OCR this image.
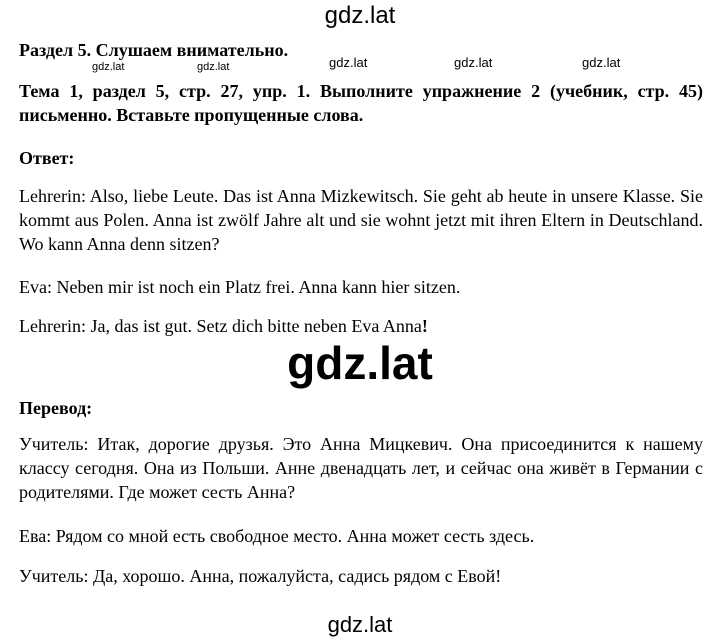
gdz.lat
gdz.lat	gdz.lat	gdz.lat	gdz.lat	gdz.lat
Раздел 5. Слушаем внимательно.
Тема 1, раздел 5, стр. 27, упр. 1. Выполните упражнение 2 (учебник, стр. 45) письменно. Вставьте пропущенные слова.
Ответ:
Lehrerin: Also, liebe Leute. Das ist Anna Mizkewitsch. Sie geht ab heute in unsere Klasse. Sie kommt aus Polen. Anna ist zwölf Jahre alt und sie wohnt jetzt mit ihren Eltern in Deutschland. Wo kann Anna denn sitzen?
Eva: Neben mir ist noch ein Platz frei. Anna kann hier sitzen.
Lehrerin: Ja, das ist gut. Setz dich bitte neben Eva Anna!
gdz.lat
Перевод:
Учитель: Итак, дорогие друзья. Это Анна Мицкевич. Она присоединится к нашему классу сегодня. Она из Польши. Анне двенадцать лет, и сейчас она живёт в Германии с родителями. Где может сесть Анна?
Ева: Рядом со мной есть свободное место. Анна может сесть здесь.
Учитель: Да, хорошо. Анна, пожалуйста, садись рядом с Евой!
gdz.lat
